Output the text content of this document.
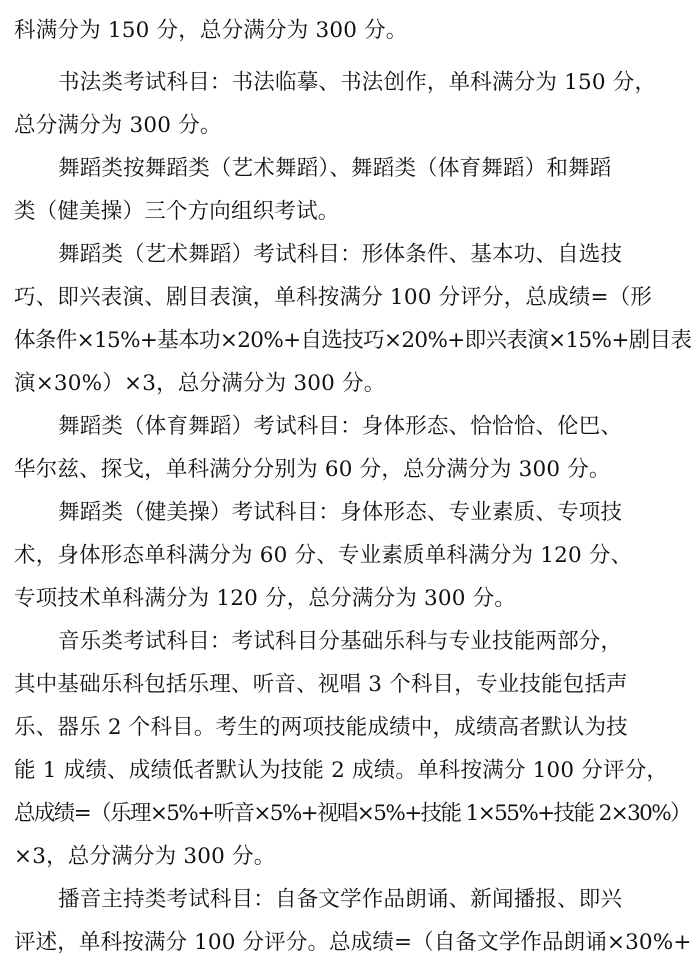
科满分为 150 分，总分满分为 300 分。
书法类考试科目：书法临摹、书法创作，单科满分为 150 分，
总分满分为 300 分。
舞蹈类按舞蹈类（艺术舞蹈）、舞蹈类（体育舞蹈）和舞蹈
类（健美操）三个方向组织考试。
舞蹈类（艺术舞蹈）考试科目：形体条件、基本功、自选技
巧、即兴表演、剧目表演，单科按满分 100 分评分，总成绩=（形
体条件×15%+基本功×20%+自选技巧×20%+即兴表演×15%+剧目表
演×30%）×3，总分满分为 300 分。
舞蹈类（体育舞蹈）考试科目：身体形态、恰恰恰、伦巴、
华尔兹、探戈，单科满分分别为 60 分，总分满分为 300 分。
舞蹈类（健美操）考试科目：身体形态、专业素质、专项技
术，身体形态单科满分为 60 分、专业素质单科满分为 120 分、
专项技术单科满分为 120 分，总分满分为 300 分。
音乐类考试科目：考试科目分基础乐科与专业技能两部分，
其中基础乐科包括乐理、听音、视唱 3 个科目，专业技能包括声
乐、器乐 2 个科目。考生的两项技能成绩中，成绩高者默认为技
能 1 成绩、成绩低者默认为技能 2 成绩。单科按满分 100 分评分，
总成绩=（乐理×5%+听音×5%+视唱×5%+技能 1×55%+技能 2×30%）
×3，总分满分为 300 分。
播音主持类考试科目：自备文学作品朗诵、新闻播报、即兴
评述，单科按满分 100 分评分。总成绩=（自备文学作品朗诵×30%+
